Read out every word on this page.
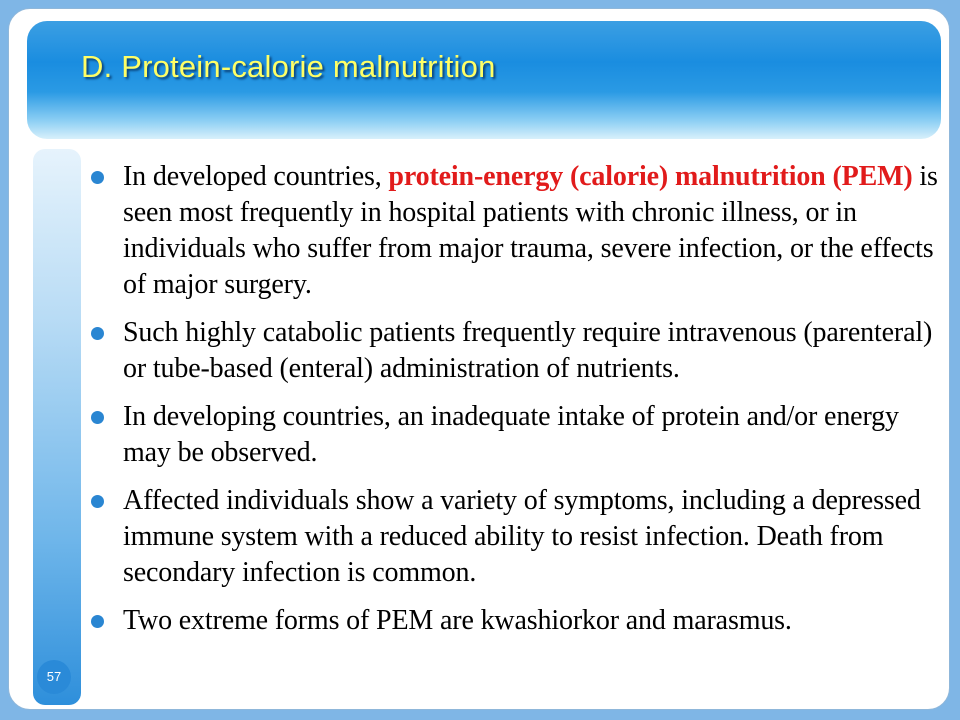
D. Protein-calorie malnutrition
57
In developed countries, protein-energy (calorie) malnutrition (PEM) is seen most frequently in hospital patients with chronic illness, or in individuals who suffer from major trauma, severe infection, or the effects of major surgery.
Such highly catabolic patients frequently require intravenous (parenteral) or tube-based (enteral) administration of nutrients.
In developing countries, an inadequate intake of protein and/or energy may be observed.
Affected individuals show a variety of symptoms, including a depressed immune system with a reduced ability to resist infection. Death from secondary infection is common.
Two extreme forms of PEM are kwashiorkor and marasmus.
